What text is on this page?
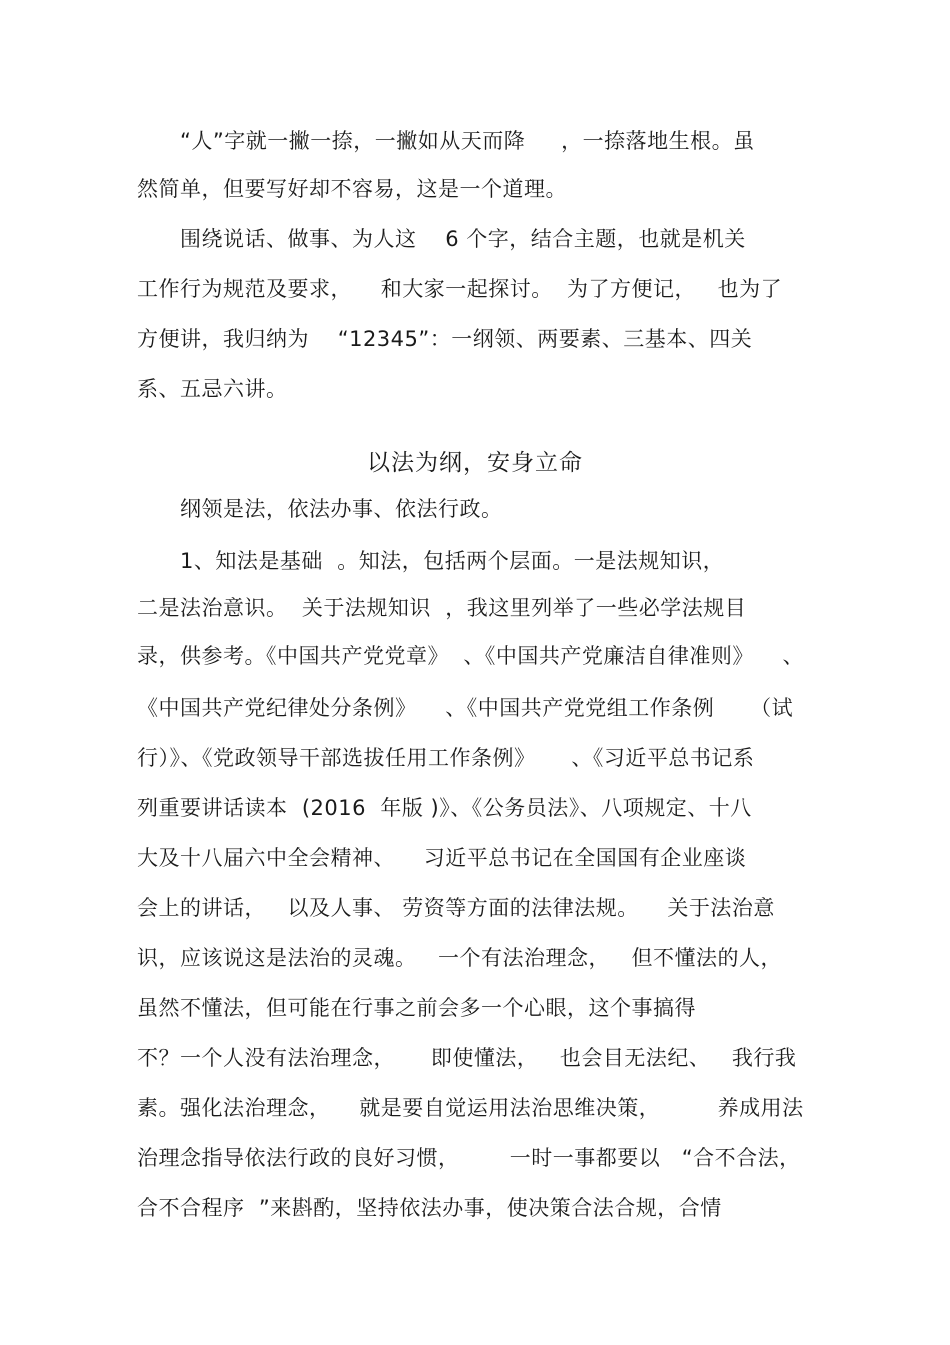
“人”字就一撇一捺，一撇如从天而降     ，一捺落地生根。虽
然简单，但要写好却不容易，这是一个道理。
围绕说话、做事、为人这    6 个字，结合主题，也就是机关
工作行为规范及要求，    和大家一起探讨。  为了方便记，   也为了
方便讲，我归纳为    “12345”：一纲领、两要素、三基本、四关
系、五忌六讲。
以法为纲，安身立命
纲领是法，依法办事、依法行政。
1、知法是基础  。知法，包括两个层面。一是法规知识，
二是法治意识。  关于法规知识  ，我这里列举了一些必学法规目
录，供参考。《中国共产党党章》  、《中国共产党廉洁自律准则》    、
《中国共产党纪律处分条例》    、《中国共产党党组工作条例     （试
行）》、《党政领导干部选拔任用工作条例》     、《习近平总书记系
列重要讲话读本  (2016  年版 )》、《公务员法》、八项规定、十八
大及十八届六中全会精神、    习近平总书记在全国国有企业座谈
会上的讲话，   以及人事、 劳资等方面的法律法规。    关于法治意
识，应该说这是法治的灵魂。   一个有法治理念，   但不懂法的人，
虽然不懂法，但可能在行事之前会多一个心眼，这个事搞得
不？一个人没有法治理念，     即使懂法，   也会目无法纪、   我行我
素。强化法治理念，    就是要自觉运用法治思维决策，        养成用法
治理念指导依法行政的良好习惯，       一时一事都要以   “合不合法，
合不合程序  ”来斟酌，坚持依法办事，使决策合法合规，合情
